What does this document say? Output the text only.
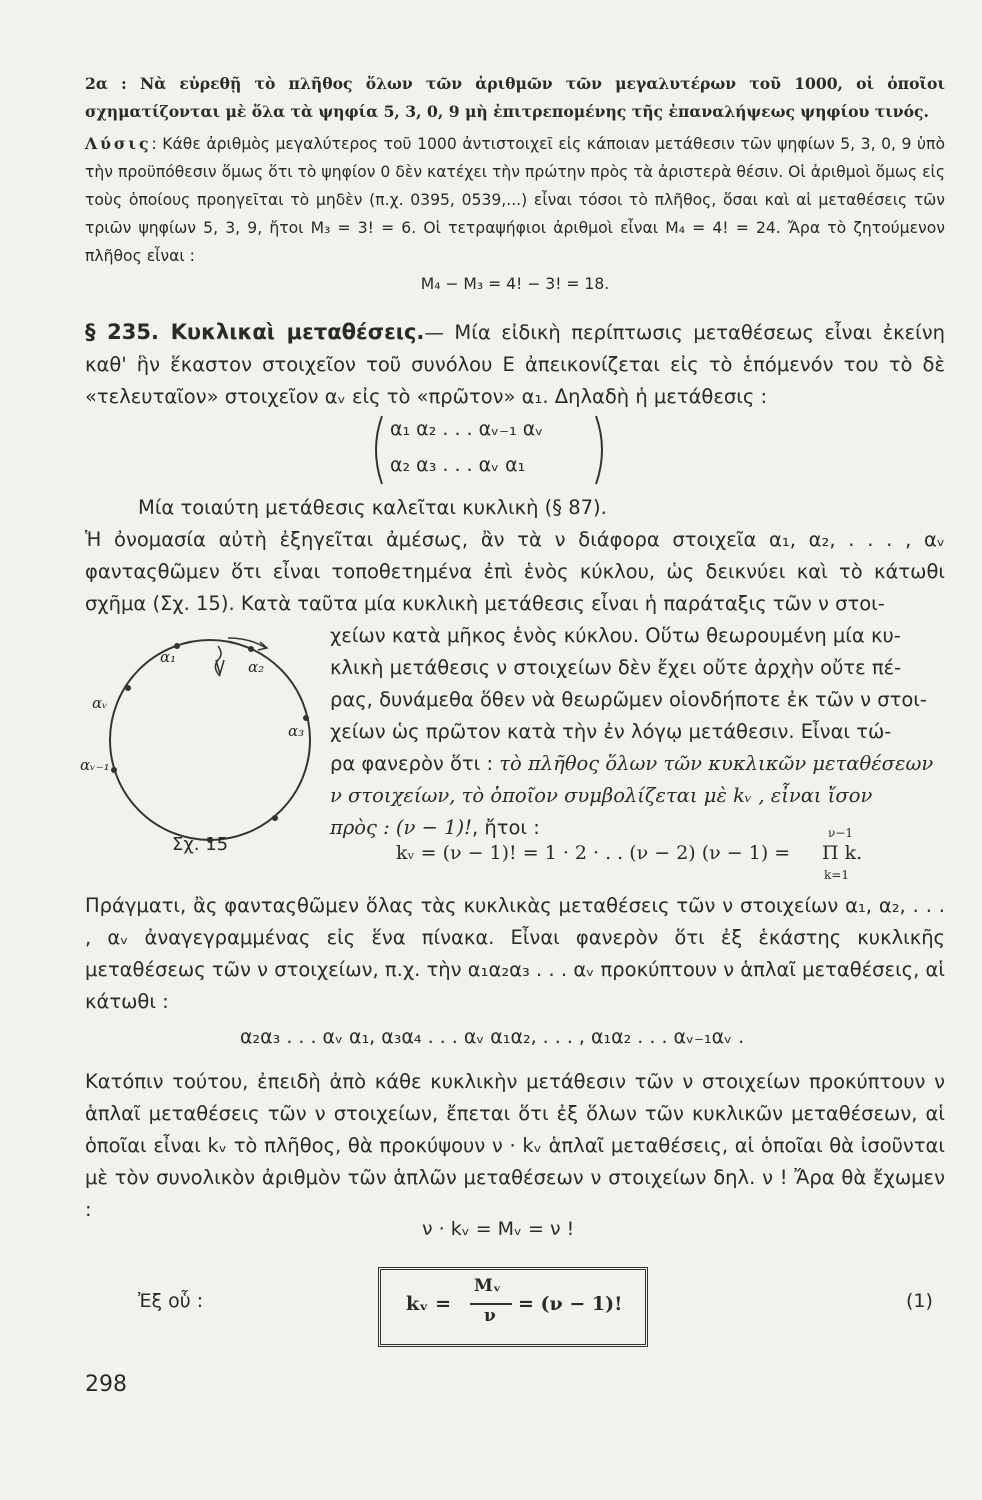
2α : Νὰ εὑρεθῇ τὸ πλῆθος ὅλων τῶν ἀριθμῶν τῶν μεγαλυτέρων τοῦ 1000, οἱ ὁποῖοι σχηματίζονται μὲ ὅλα τὰ ψηφία 5, 3, 0, 9 μὴ ἐπιτρεπομένης τῆς ἐπαναλήψεως ψηφίου τινός.
Λύσις: Κάθε ἀριθμὸς μεγαλύτερος τοῦ 1000 ἀντιστοιχεῖ εἰς κάποιαν μετάθεσιν τῶν ψηφίων 5, 3, 0, 9 ὑπὸ τὴν προϋπόθεσιν ὅμως ὅτι τὸ ψηφίον 0 δὲν κατέχει τὴν πρώτην πρὸς τὰ ἀριστερὰ θέσιν. Οἱ ἀριθμοὶ ὅμως εἰς τοὺς ὁποίους προηγεῖται τὸ μηδὲν (π.χ. 0395, 0539,...) εἶναι τόσοι τὸ πλῆθος, ὅσαι καὶ αἱ μεταθέσεις τῶν τριῶν ψηφίων 5, 3, 9, ἤτοι M₃ = 3! = 6. Οἱ τετραψήφιοι ἀριθμοὶ εἶναι M₄ = 4! = 24. Ἄρα τὸ ζητούμενον πλῆθος εἶναι :
M₄ − M₃ = 4! − 3! = 18.
§ 235. Κυκλικαὶ μεταθέσεις.— Μία εἰδικὴ περίπτωσις μεταθέσεως εἶναι ἐκείνη καθ' ἣν ἕκαστον στοιχεῖον τοῦ συνόλου Ε ἀπεικονίζεται εἰς τὸ ἑπόμενόν του τὸ δὲ «τελευταῖον» στοιχεῖον αᵥ εἰς τὸ «πρῶτον» α₁. Δηλαδὴ ἡ μετάθεσις :
α₁ α₂ . . . αᵥ₋₁ αᵥ
α₂ α₃ . . . αᵥ α₁
Μία τοιαύτη μετάθεσις καλεῖται κυκλικὴ (§ 87).
Ἡ ὀνομασία αὐτὴ ἐξηγεῖται ἀμέσως, ἂν τὰ ν διάφορα στοιχεῖα α₁, α₂, . . . , αᵥ φανταςθῶμεν ὅτι εἶναι τοποθετημένα ἐπὶ ἑνὸς κύκλου, ὡς δεικνύει καὶ τὸ κάτωθι σχῆμα (Σχ. 15). Κατὰ ταῦτα μία κυκλικὴ μετάθεσις εἶναι ἡ παράταξις τῶν ν στοι-
α₁
α₂
α₃
αᵥ
αᵥ₋₁
Σχ. 15
χείων κατὰ μῆκος ἑνὸς κύκλου. Οὕτω θεωρουμένη μία κυ-
κλικὴ μετάθεσις ν στοιχείων δὲν ἔχει οὔτε ἀρχὴν οὔτε πέ-
ρας, δυνάμεθα ὅθεν νὰ θεωρῶμεν οἱονδήποτε ἐκ τῶν ν στοι-
χείων ὡς πρῶτον κατὰ τὴν ἐν λόγῳ μετάθεσιν. Εἶναι τώ-
ρα φανερὸν ὅτι : τὸ πλῆθος ὅλων τῶν κυκλικῶν μεταθέσεων
ν στοιχείων, τὸ ὁποῖον συμβολίζεται μὲ kᵥ , εἶναι ἴσον
πρὸς : (ν − 1)!, ἤτοι :
kᵥ = (ν − 1)! = 1 · 2 · . . (ν − 2) (ν − 1) =
ν−1
Π k.
k=1
Πράγματι, ἂς φανταςθῶμεν ὅλας τὰς κυκλικὰς μεταθέσεις τῶν ν στοιχείων α₁, α₂, . . . , αᵥ ἀναγεγραμμένας εἰς ἕνα πίνακα. Εἶναι φανερὸν ὅτι ἐξ ἑκάστης κυκλικῆς μεταθέσεως τῶν ν στοιχείων, π.χ. τὴν α₁α₂α₃ . . . αᵥ προκύπτουν ν ἁπλαῖ μεταθέσεις, αἱ κάτωθι :
α₂α₃ . . . αᵥ α₁, α₃α₄ . . . αᵥ α₁α₂, . . . , α₁α₂ . . . αᵥ₋₁αᵥ .
Κατόπιν τούτου, ἐπειδὴ ἀπὸ κάθε κυκλικὴν μετάθεσιν τῶν ν στοιχείων προκύπτουν ν ἁπλαῖ μεταθέσεις τῶν ν στοιχείων, ἔπεται ὅτι ἐξ ὅλων τῶν κυκλικῶν μεταθέσεων, αἱ ὁποῖαι εἶναι kᵥ τὸ πλῆθος, θὰ προκύψουν ν · kᵥ ἁπλαῖ μεταθέσεις, αἱ ὁποῖαι θὰ ἰσοῦνται μὲ τὸν συνολικὸν ἀριθμὸν τῶν ἁπλῶν μεταθέσεων ν στοιχείων δηλ. ν ! Ἄρα θὰ ἔχωμεν :
ν · kᵥ = Mᵥ = ν !
Ἐξ οὗ :	kᵥ =
Mᵥ
ν
= (ν − 1)!	(1)
298
